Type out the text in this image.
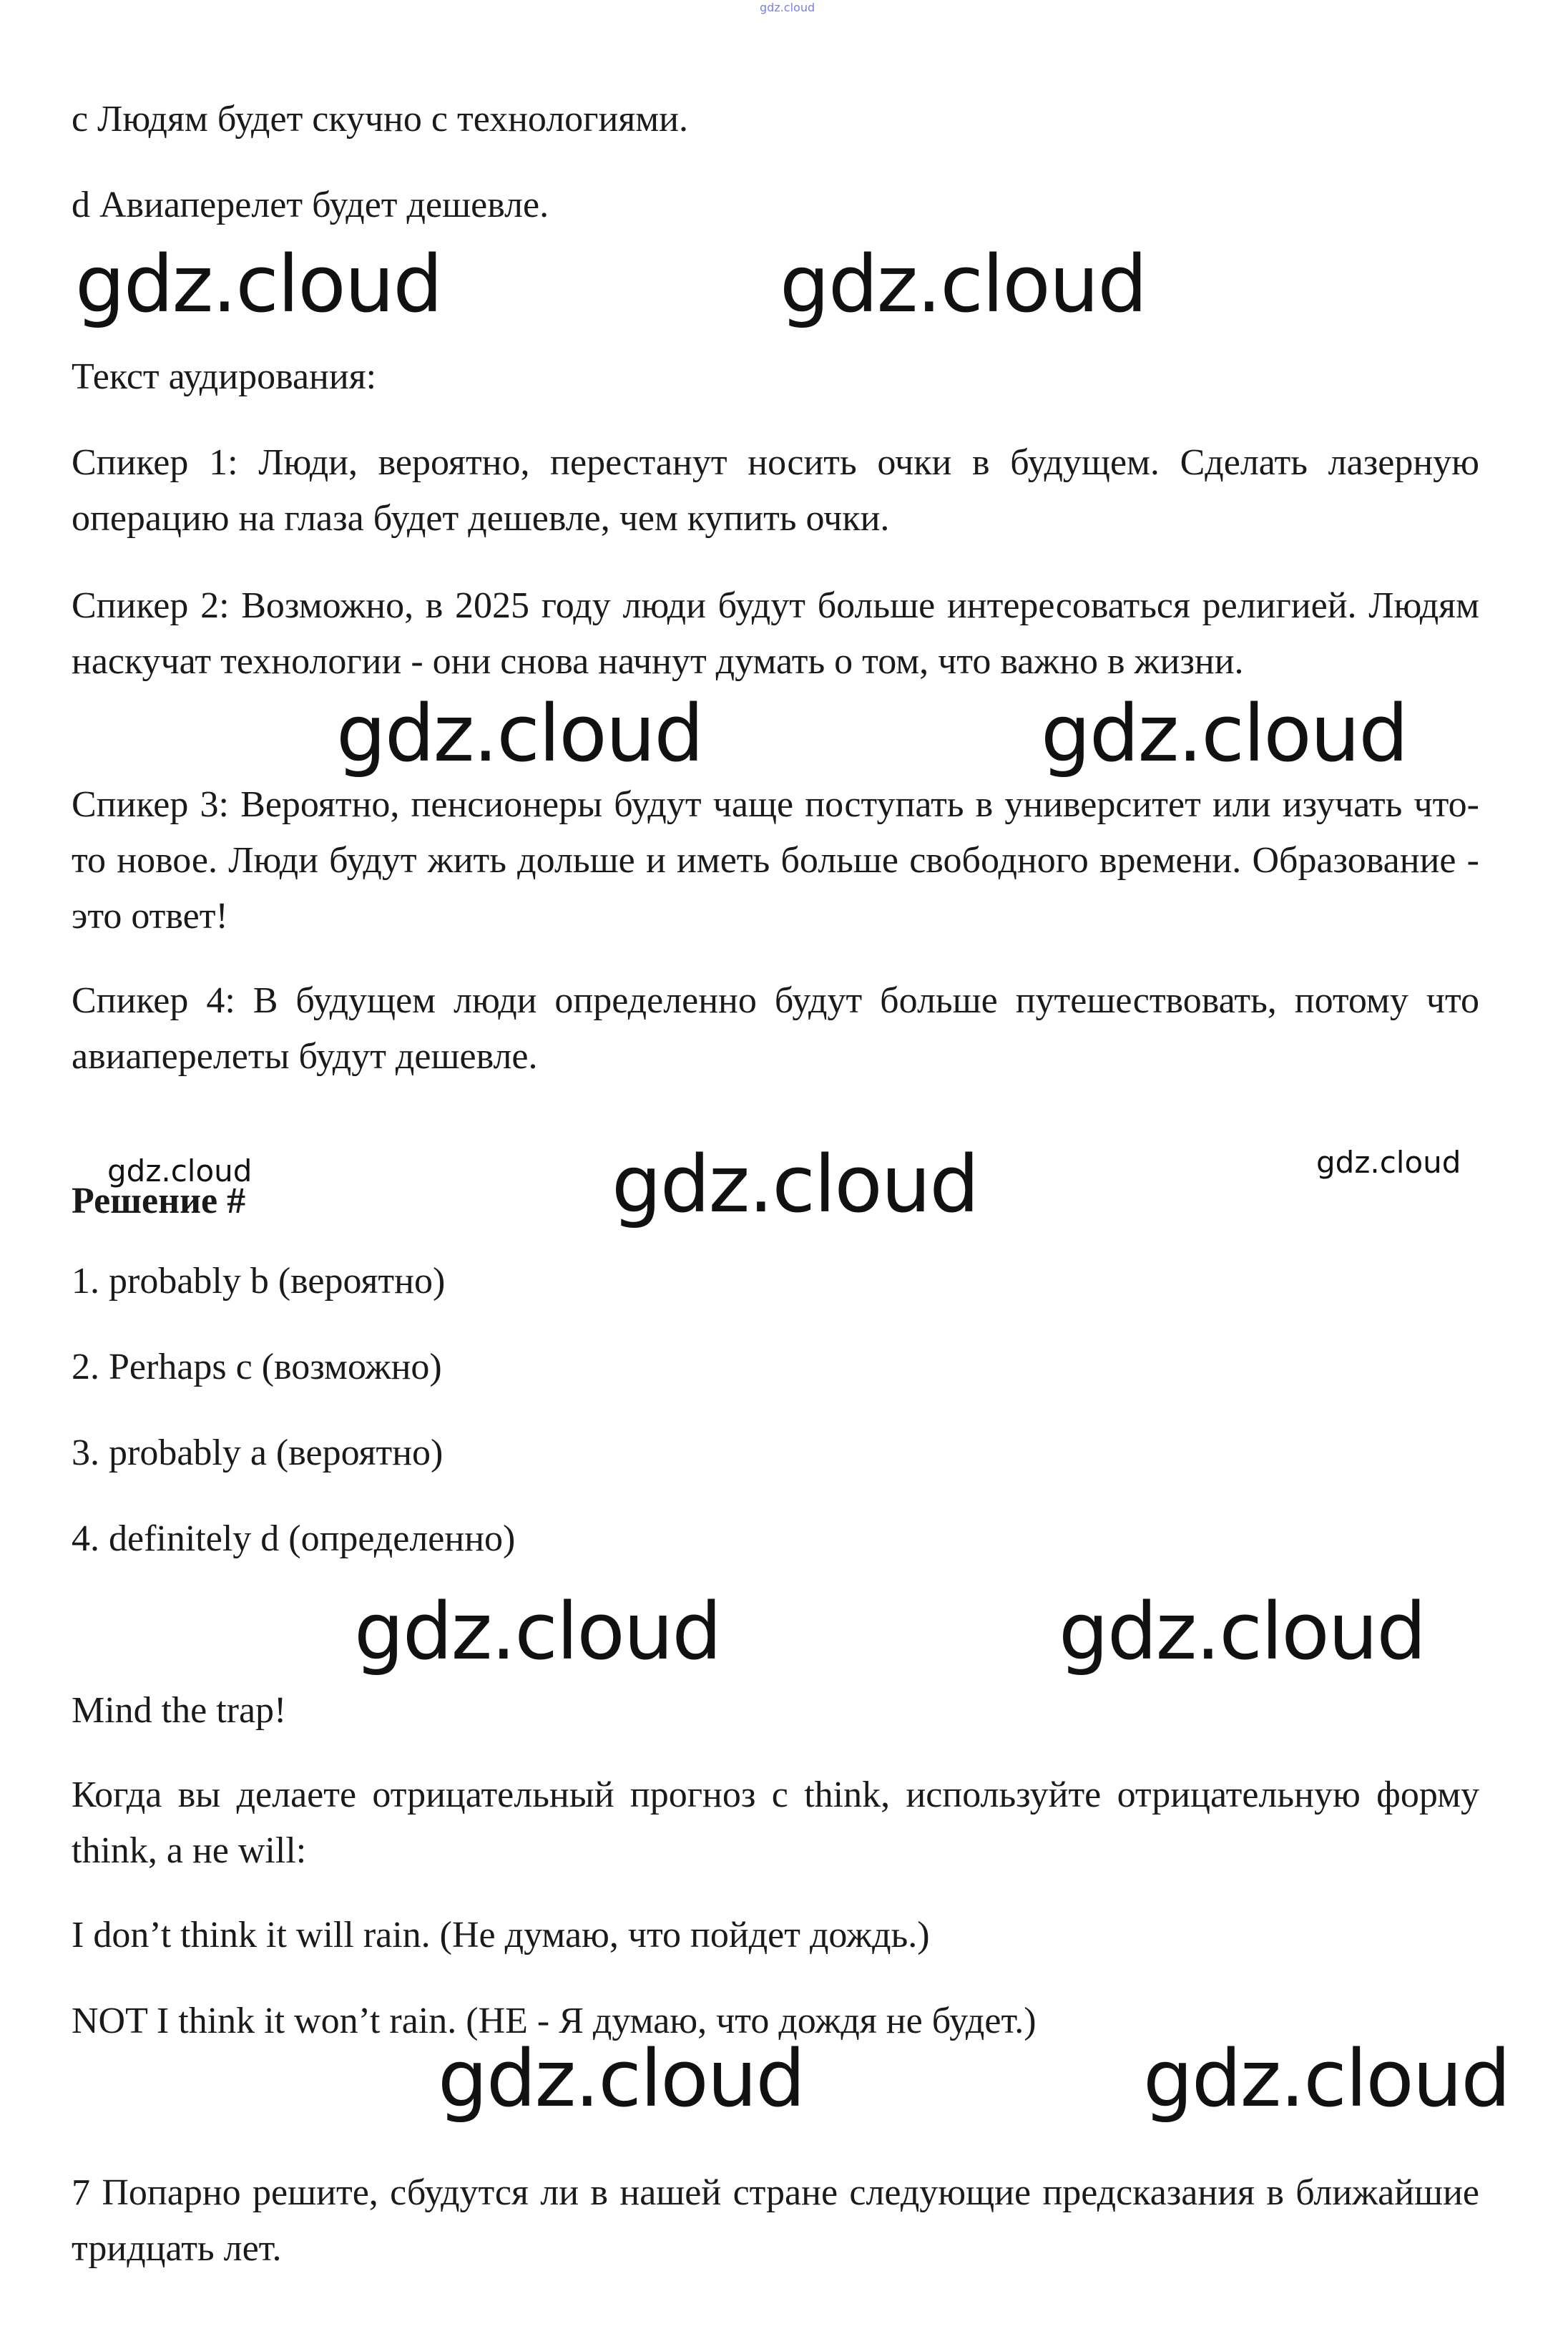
gdz.cloud

c Людям будет скучно с технологиями.

d Авиаперелет будет дешевле.

gdz.cloud	gdz.cloud

Текст аудирования:

Спикер 1: Люди, вероятно, перестанут носить очки в будущем. Сделать лазерную операцию на глаза будет дешевле, чем купить очки.

Спикер 2: Возможно, в 2025 году люди будут больше интересоваться религией. Людям наскучат технологии - они снова начнут думать о том, что важно в жизни.

gdz.cloud	gdz.cloud

Спикер 3: Вероятно, пенсионеры будут чаще поступать в университет или изучать что-то новое. Люди будут жить дольше и иметь больше свободного времени. Образование - это ответ!

Спикер 4: В будущем люди определенно будут больше путешествовать, потому что авиаперелеты будут дешевле.

gdz.cloud	gdz.cloud	gdz.cloud

Решение #

1. probably b (вероятно)

2. Perhaps c (возможно)

3. probably a (вероятно)

4. definitely d (определенно)

gdz.cloud	gdz.cloud

Mind the trap!

Когда вы делаете отрицательный прогноз с think, используйте отрицательную форму think, а не will:

I don’t think it will rain. (Не думаю, что пойдет дождь.)

NOT I think it won’t rain. (НЕ - Я думаю, что дождя не будет.)

gdz.cloud	gdz.cloud

7 Попарно решите, сбудутся ли в нашей стране следующие предсказания в ближайшие тридцать лет.
